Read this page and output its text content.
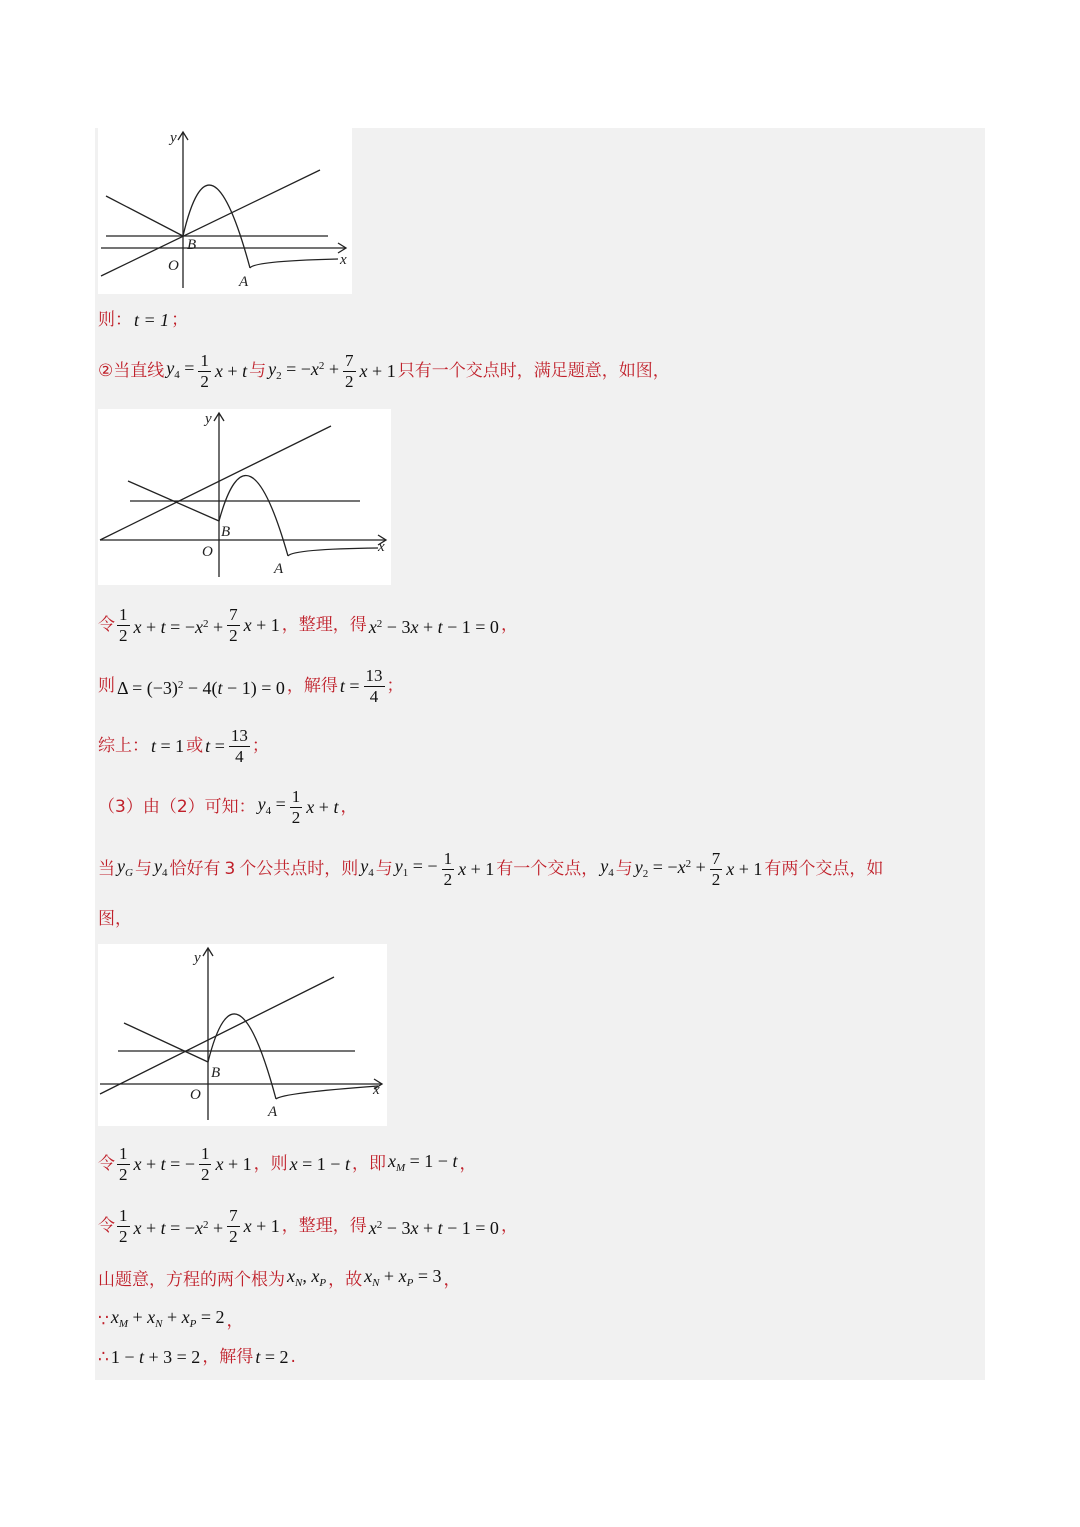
y
x
O
B
A
则： t = 1 ；
② 当直线 $y_4 = \frac{1}{2}$ x + t 与 $y_2 = -x^2 + \frac{7}{2}$ x + 1 只有一个交点时，满足题意，如图，
y
x
O
B
A
令 $\frac{1}{2}$ $x + t = -x^2 + \frac{7}{2}$ x + 1 ，整理，得 $x^2 - 3x + t - 1 = 0$ ，
则 $\Delta = (-3)^2 - 4(t - 1) = 0$ ，解得 $t = \frac{13}{4}$ ；
综上： t = 1 或 $t = \frac{13}{4}$ ；
（3）由（2）可知： $y_4 = \frac{1}{2}$ x + t ，
当 $y_G$ 与 $y_4$ 恰好有 3 个公共点时，则 $y_4$ 与 $y_1$ = − $\frac{1}{2}$ x + 1 有一个交点， $y_4$ 与 $y_2 = -x^2 + \frac{7}{2}$ x + 1 有两个交点，如
图，
y
x
O
B
A
令 $\frac{1}{2}$ x + t = − $\frac{1}{2}$ x + 1 ，则 x = 1 − t ，即 $x_M = 1 - t$ ，
令 $\frac{1}{2}$ $x + t = -x^2 + \frac{7}{2}$ x + 1 ，整理，得 $x^2 - 3x + t - 1 = 0$ ，
山题意，方程的两个根为 $x_N$, $x_P$ ，故 $x_N + x_P = 3$ ，
∵ $x_M + x_N + x_P = 2$ ，
∴ 1 − t + 3 = 2 ，解得 t = 2 .
